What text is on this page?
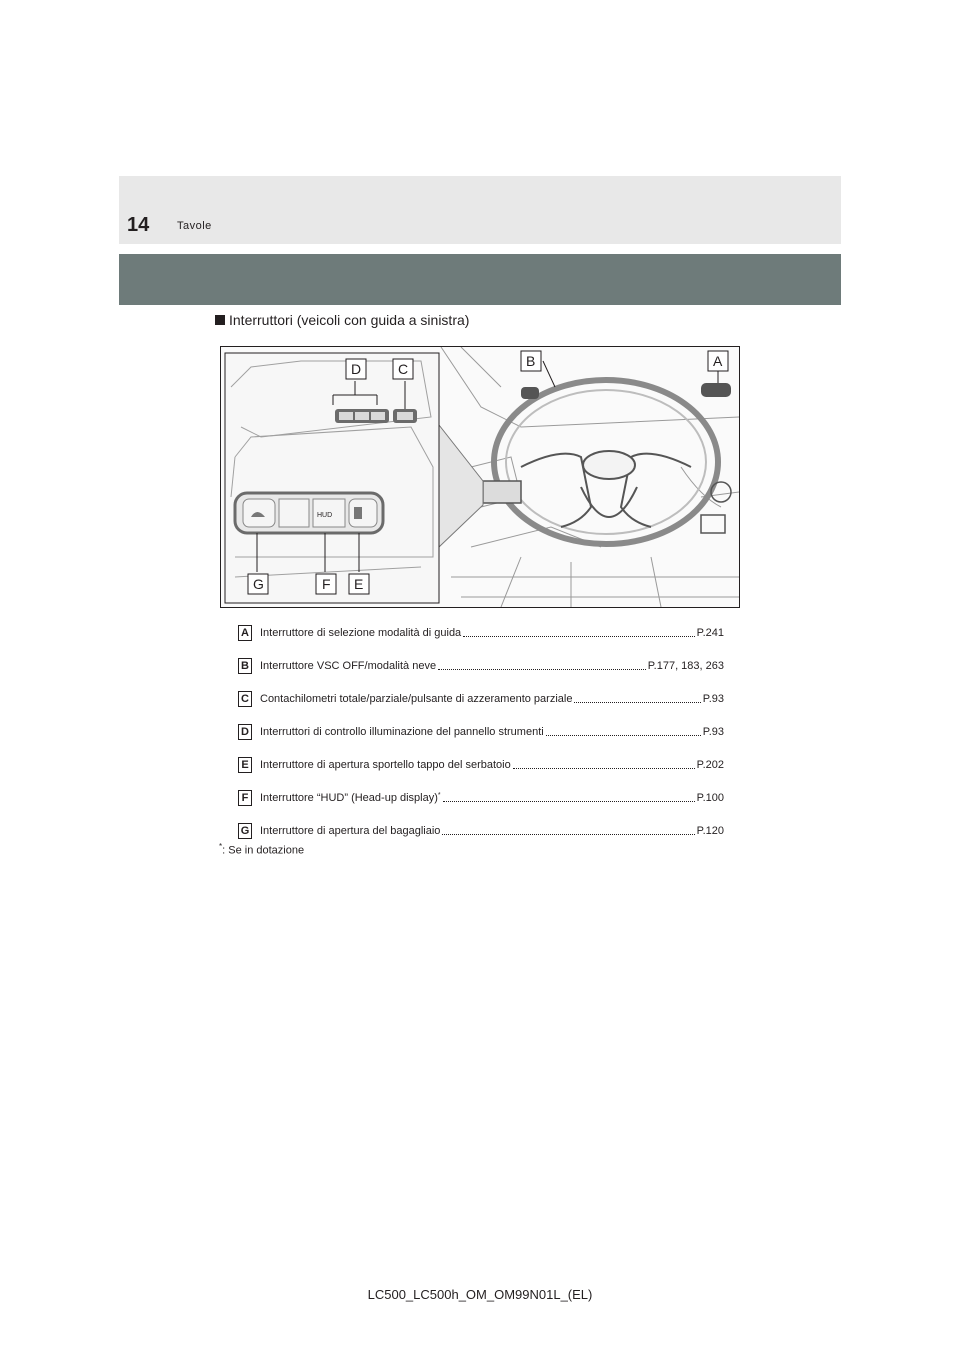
14	Tavole
Interruttori (veicoli con guida a sinistra)
HUD
D	C	B	A
G	F E
A Interruttore di selezione modalità di guida	P.241
B Interruttore VSC OFF/modalità neve	P.177, 183, 263
C Contachilometri totale/parziale/pulsante di azzeramento parziale	P.93
D Interruttori di controllo illuminazione del pannello strumenti	P.93
E	Interruttore di apertura sportello tappo del serbatoio	P.202
F	Interruttore “HUD” (Head-up display) *	P.100
G Interruttore di apertura del bagagliaio	P.120
*: Se in dotazione
LC500_LC500h_OM_OM99N01L_(EL)
